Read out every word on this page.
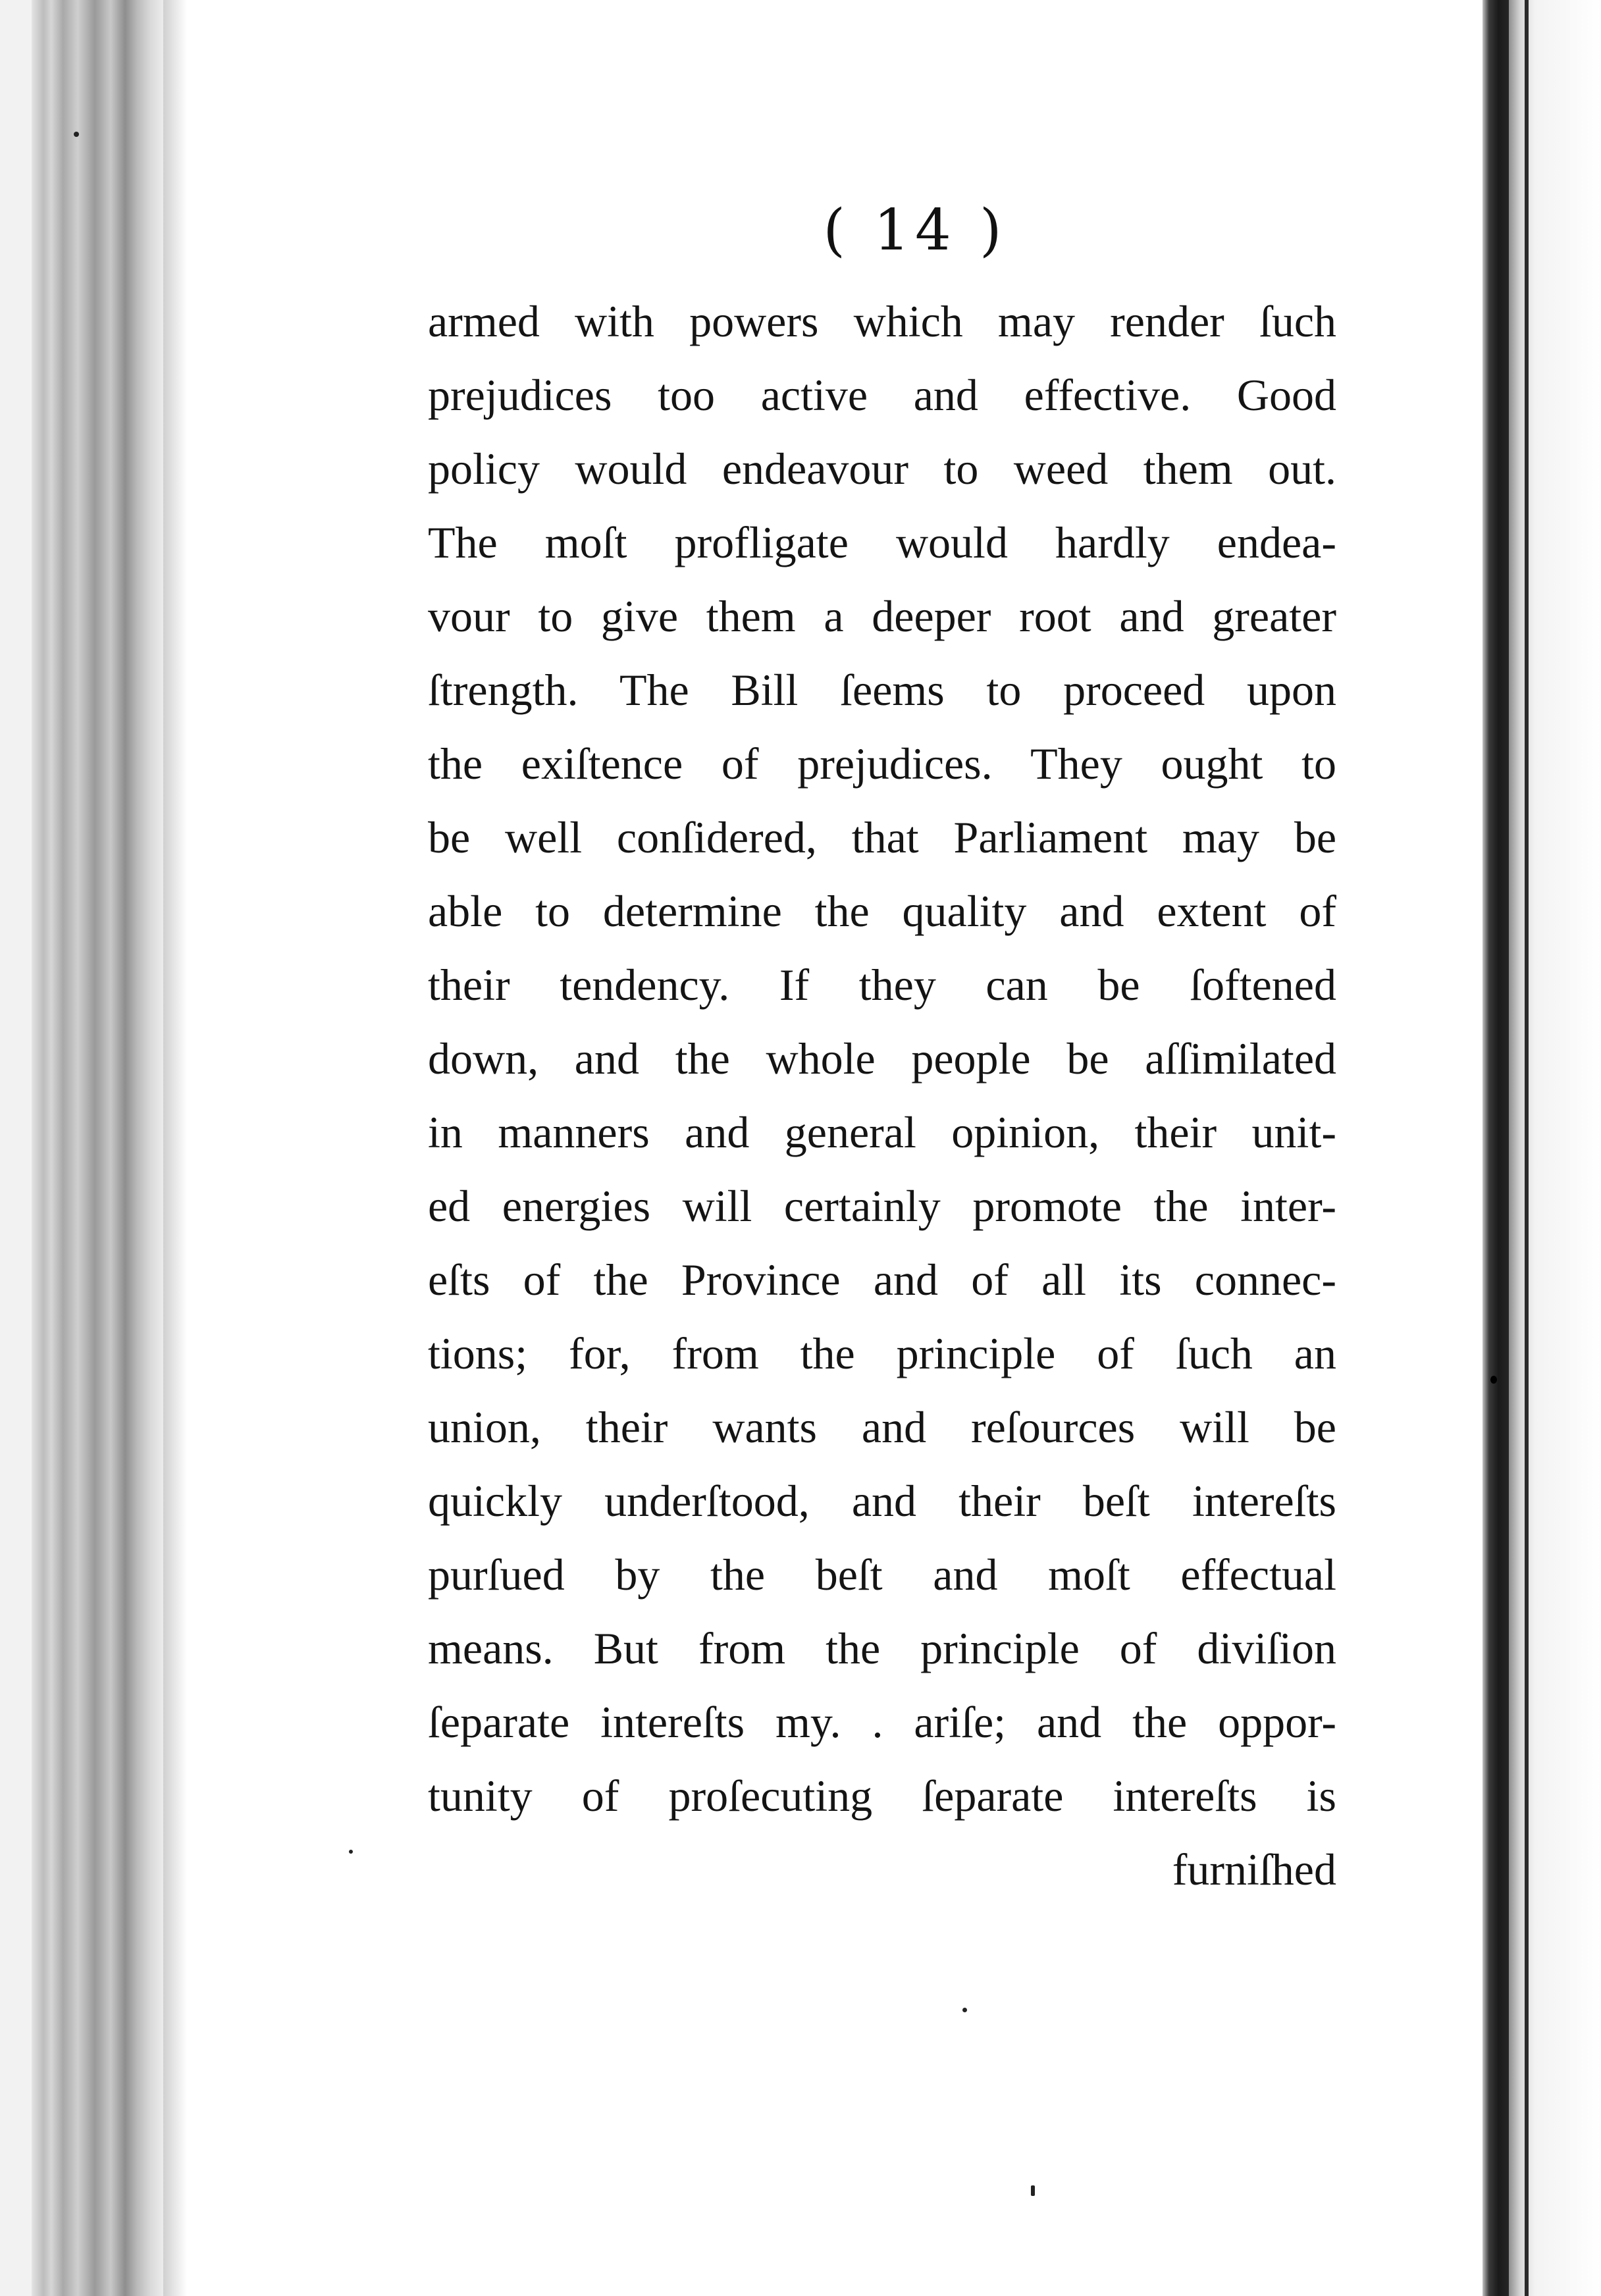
( 14 )
armed with powers which may render ſuch
prejudices too active and effective. Good
policy would endeavour to weed them out.
The moſt profligate would hardly endea-
vour to give them a deeper root and greater
ſtrength. The Bill ſeems to proceed upon
the exiſtence of prejudices. They ought to
be well conſidered, that Parliament may be
able to determine the quality and extent of
their tendency. If they can be ſoftened
down, and the whole people be aſſimilated
in manners and general opinion, their unit-
ed energies will certainly promote the inter-
eſts of the Province and of all its connec-
tions; for, from the principle of ſuch an
union, their wants and reſources will be
quickly underſtood, and their beſt intereſts
purſued by the beſt and moſt effectual
means. But from the principle of diviſion
ſeparate intereſts my. . ariſe; and the oppor-
tunity of proſecuting ſeparate intereſts is
furniſhed
